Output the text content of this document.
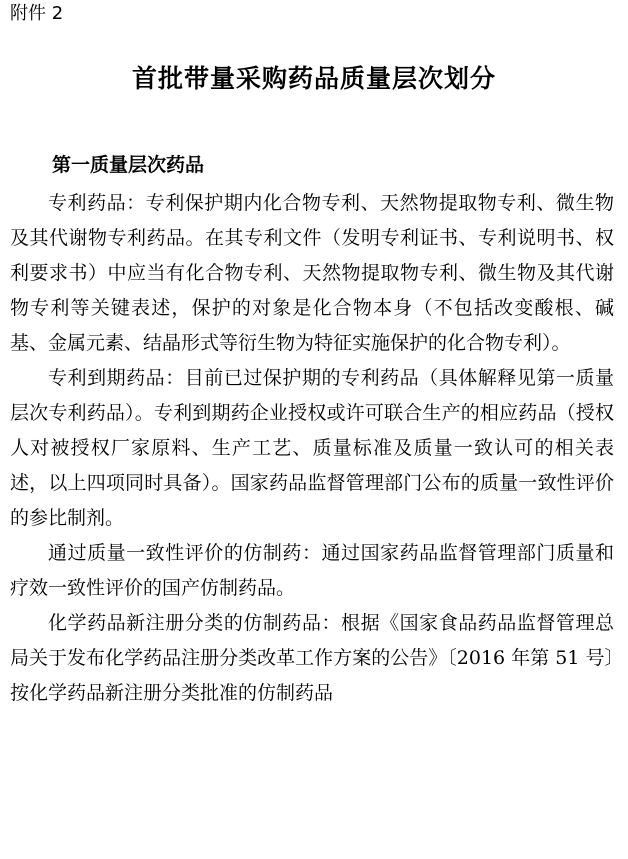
附件 2
首批带量采购药品质量层次划分
第一质量层次药品

专利药品：专利保护期内化合物专利、天然物提取物专利、微生物及其代谢物专利药品。在其专利文件（发明专利证书、专利说明书、权利要求书）中应当有化合物专利、天然物提取物专利、微生物及其代谢物专利等关键表述，保护的对象是化合物本身（不包括改变酸根、碱基、金属元素、结晶形式等衍生物为特征实施保护的化合物专利）。

专利到期药品：目前已过保护期的专利药品（具体解释见第一质量层次专利药品）。专利到期药企业授权或许可联合生产的相应药品（授权人对被授权厂家原料、生产工艺、质量标准及质量一致认可的相关表述，以上四项同时具备）。国家药品监督管理部门公布的质量一致性评价的参比制剂。

通过质量一致性评价的仿制药：通过国家药品监督管理部门质量和疗效一致性评价的国产仿制药品。

化学药品新注册分类的仿制药品：根据《国家食品药品监督管理总局关于发布化学药品注册分类改革工作方案的公告》〔2016 年第 51 号〕按化学药品新注册分类批准的仿制药品
